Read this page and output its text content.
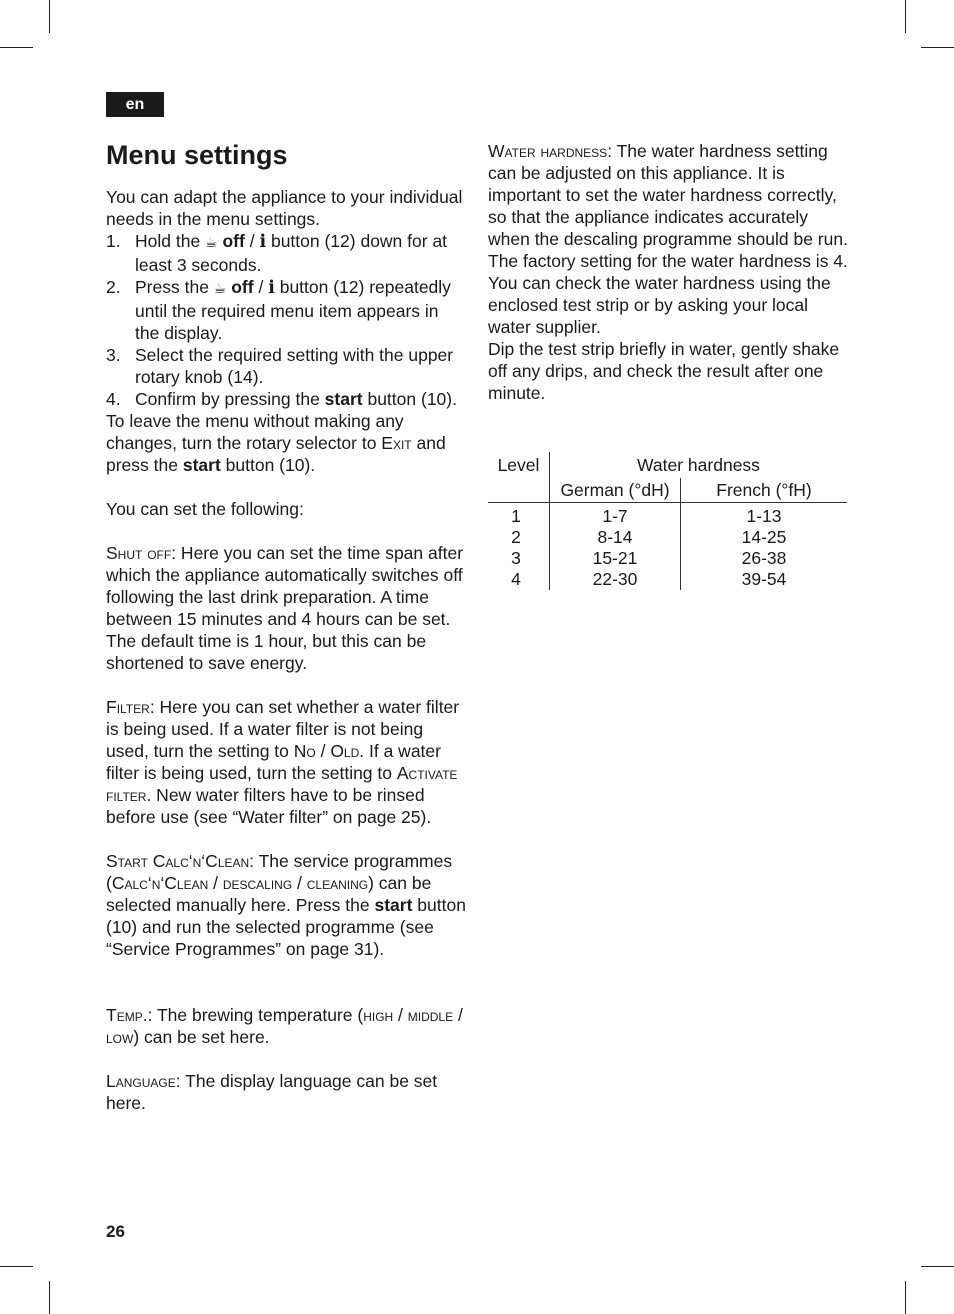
en
Menu settings

You can adapt the appliance to your individual needs in the menu settings.

1. Hold the ☕ off / i button (12) down for at least 3 seconds.
2. Press the ☕ off / i button (12) repeatedly until the required menu item appears in the display.
3. Select the required setting with the upper rotary knob (14).
4. Confirm by pressing the start button (10).

To leave the menu without making any changes, turn the rotary selector to Exit and press the start button (10).

You can set the following:

Shut off: Here you can set the time span after which the appliance automatically switches off following the last drink preparation. A time between 15 minutes and 4 hours can be set. The default time is 1 hour, but this can be shortened to save energy.

Filter: Here you can set whether a water filter is being used. If a water filter is not being used, turn the setting to No / Old. If a water filter is being used, turn the setting to Activate filter. New water filters have to be rinsed before use (see “Water filter” on page 25).

Start Calc‘n‘Clean: The service programmes (Calc‘n‘Clean / descaling / cleaning) can be selected manually here. Press the start button (10) and run the selected programme (see “Service Programmes” on page 31).

Temp.: The brewing temperature (high / middle / low) can be set here.

Language: The display language can be set here.

Water hardness: The water hardness setting can be adjusted on this appliance. It is important to set the water hardness correctly, so that the appliance indicates accurately when the descaling programme should be run. The factory setting for the water hardness is 4.

You can check the water hardness using the enclosed test strip or by asking your local water supplier.

Dip the test strip briefly in water, gently shake off any drips, and check the result after one minute.

Level	Water hardness
German (°dH)	French (°fH)
1
2
3
4
1-7
8-14
15-21
22-30
1-13
14-25
26-38
39-54
26
